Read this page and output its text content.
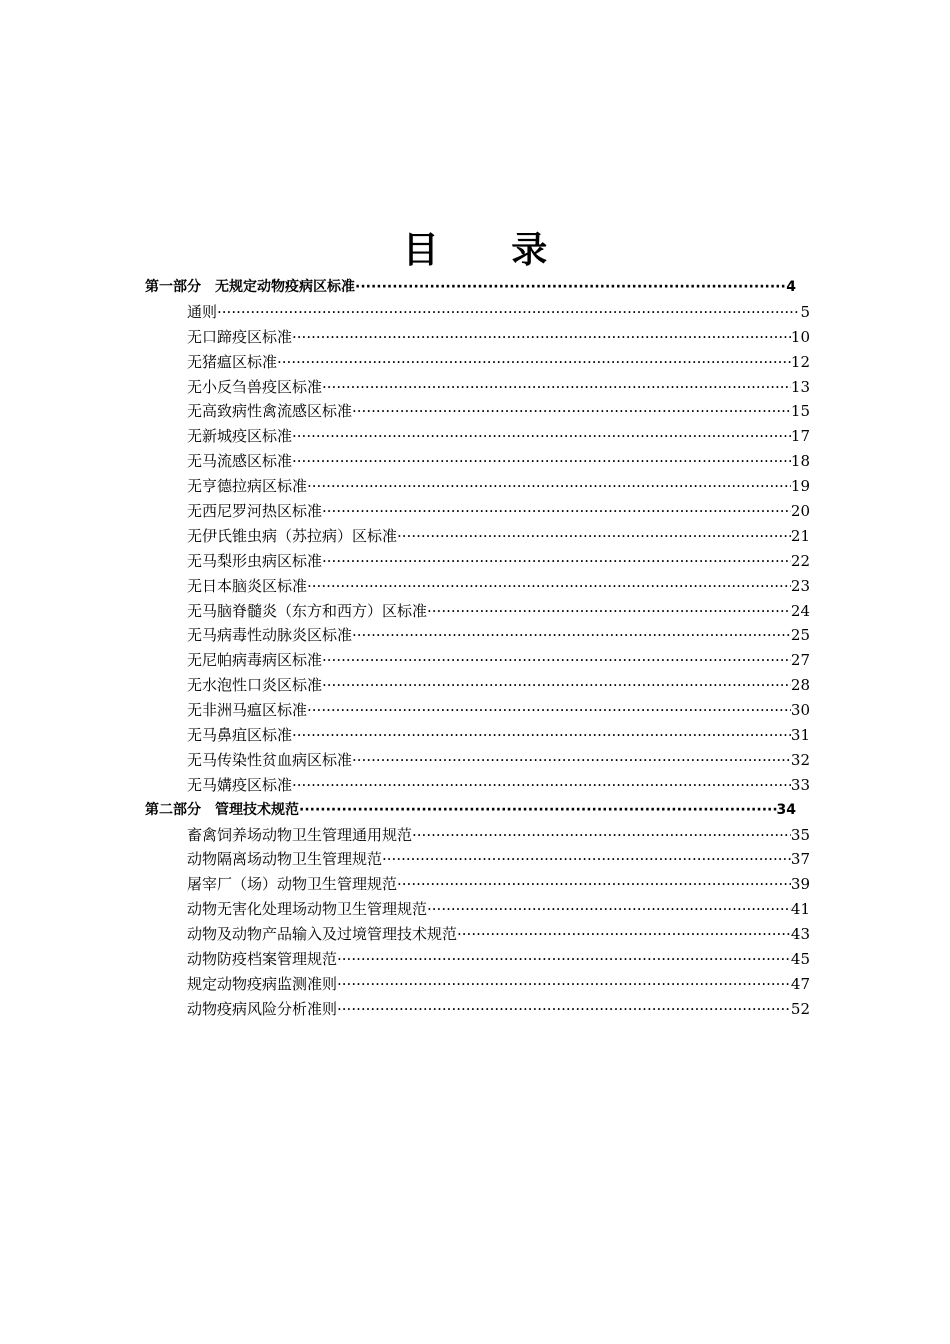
目 录
第一部分　无规定动物疫病区标准 ·····	4
通则 ·····	5
无口蹄疫区标准 ·····	10
无猪瘟区标准 ·····	12
无小反刍兽疫区标准 ·····	13
无高致病性禽流感区标准 ·····	15
无新城疫区标准 ·····	17
无马流感区标准 ·····	18
无亨德拉病区标准 ·····	19
无西尼罗河热区标准 ·····	20
无伊氏锥虫病（苏拉病）区标准 ·····	21
无马梨形虫病区标准 ·····	22
无日本脑炎区标准 ·····	23
无马脑脊髓炎（东方和西方）区标准 ·····	24
无马病毒性动脉炎区标准 ·····	25
无尼帕病毒病区标准 ·····	27
无水泡性口炎区标准 ·····	28
无非洲马瘟区标准 ·····	30
无马鼻疽区标准 ·····	31
无马传染性贫血病区标准 ·····	32
无马媾疫区标准 ·····	33
第二部分　管理技术规范 ·····	34
畜禽饲养场动物卫生管理通用规范 ·····	35
动物隔离场动物卫生管理规范 ·····	37
屠宰厂（场）动物卫生管理规范 ·····	39
动物无害化处理场动物卫生管理规范 ·····	41
动物及动物产品输入及过境管理技术规范 ·····	43
动物防疫档案管理规范 ·····	45
规定动物疫病监测准则 ·····	47
动物疫病风险分析准则 ·····	52
